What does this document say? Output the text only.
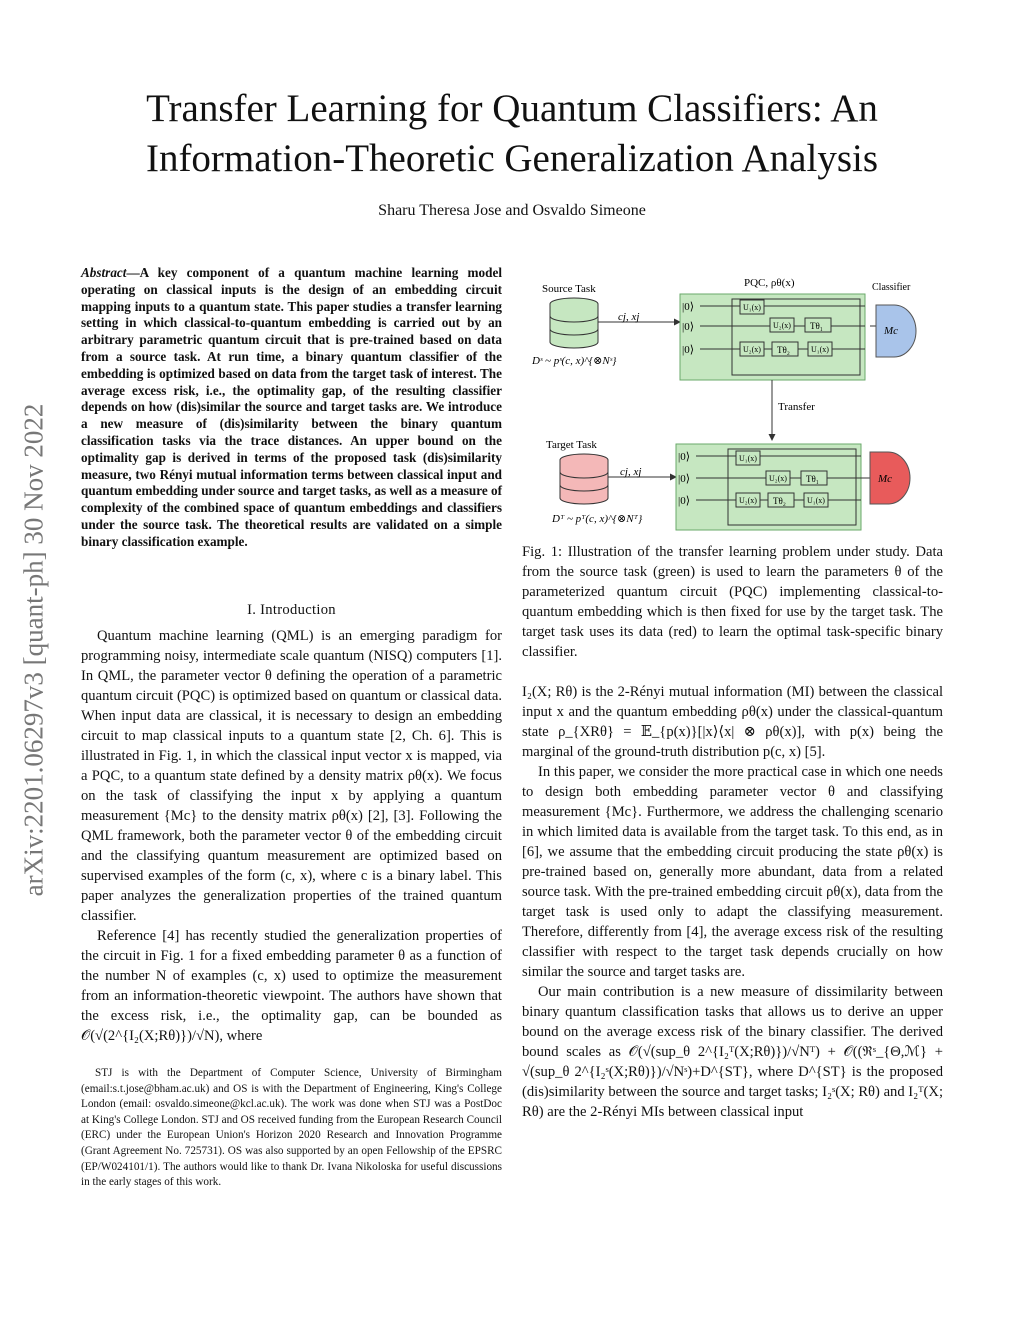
Transfer Learning for Quantum Classifiers: An
Information-Theoretic Generalization Analysis
Sharu Theresa Jose and Osvaldo Simeone
arXiv:2201.06297v3 [quant-ph] 30 Nov 2022
Abstract—A key component of a quantum machine learning model operating on classical inputs is the design of an embedding circuit mapping inputs to a quantum state. This paper studies a transfer learning setting in which classical-to-quantum embedding is carried out by an arbitrary parametric quantum circuit that is pre-trained based on data from a source task. At run time, a binary quantum classifier of the embedding is optimized based on data from the target task of interest. The average excess risk, i.e., the optimality gap, of the resulting classifier depends on how (dis)similar the source and target tasks are. We introduce a new measure of (dis)similarity between the binary quantum classification tasks via the trace distances. An upper bound on the optimality gap is derived in terms of the proposed task (dis)similarity measure, two Rényi mutual information terms between classical input and quantum embedding under source and target tasks, as well as a measure of complexity of the combined space of quantum embeddings and classifiers under the source task. The theoretical results are validated on a simple binary classification example.
I. Introduction

Quantum machine learning (QML) is an emerging paradigm for programming noisy, intermediate scale quantum (NISQ) computers [1]. In QML, the parameter vector θ defining the operation of a parametric quantum circuit (PQC) is optimized based on quantum or classical data. When input data are classical, it is necessary to design an embedding circuit to map classical inputs to a quantum state [2, Ch. 6]. This is illustrated in Fig. 1, in which the classical input vector x is mapped, via a PQC, to a quantum state defined by a density matrix ρθ(x). We focus on the task of classifying the input x by applying a quantum measurement {Mc} to the density matrix ρθ(x) [2], [3]. Following the QML framework, both the parameter vector θ of the embedding circuit and the classifying quantum measurement are optimized based on supervised examples of the form (c, x), where c is a binary label. This paper analyzes the generalization properties of the trained quantum classifier.

Reference [4] has recently studied the generalization properties of the circuit in Fig. 1 for a fixed embedding parameter θ as a function of the number N of examples (c, x) used to optimize the measurement from an information-theoretic viewpoint. The authors have shown that the excess risk, i.e., the optimality gap, can be bounded as 𝒪(√(2^{I₂(X;Rθ)})/√N), where

STJ is with the Department of Computer Science, University of Birmingham (email:s.t.jose@bham.ac.uk) and OS is with the Department of Engineering, King's College London (email: osvaldo.simeone@kcl.ac.uk). The work was done when STJ was a PostDoc at King's College London. STJ and OS received funding from the European Research Council (ERC) under the European Union's Horizon 2020 Research and Innovation Programme (Grant Agreement No. 725731). OS was also supported by an open Fellowship of the EPSRC (EP/W024101/1). The authors would like to thank Dr. Ivana Nikoloska for useful discussions in the early stages of this work.

Source Task
cj, xj
Dˢ ~ pˢ(c, x)^{⊗Nˢ}
PQC, ρθ(x)	Classifier
|0⟩
|0⟩
|0⟩
U₁(x)
U₂(x) Tθ₁
U₂(x) Tθ₂	U₁(x)
Mc
Transfer
Target Task
cj, xj
Dᵀ ~ pᵀ(c, x)^{⊗Nᵀ}
|0⟩
|0⟩
|0⟩
U₁(x)
U₂(x) Tθ₁
U₂(x) Tθ₂	U₁(x)
Mc
Fig. 1: Illustration of the transfer learning problem under study. Data from the source task (green) is used to learn the parameters θ of the parameterized quantum circuit (PQC) implementing classical-to-quantum embedding which is then fixed for use by the target task. The target task uses its data (red) to learn the optimal task-specific binary classifier.

I₂(X; Rθ) is the 2-Rényi mutual information (MI) between the classical input x and the quantum embedding ρθ(x) under the classical-quantum state ρ_{XRθ} = 𝔼_{p(x)}[|x⟩⟨x| ⊗ ρθ(x)], with p(x) being the marginal of the ground-truth distribution p(c, x) [5].

In this paper, we consider the more practical case in which one needs to design both embedding parameter vector θ and classifying measurement {Mc}. Furthermore, we address the challenging scenario in which limited data is available from the target task. To this end, as in [6], we assume that the embedding circuit producing the state ρθ(x) is pre-trained based on, generally more abundant, data from a related source task. With the pre-trained embedding circuit ρθ(x), data from the target task is used only to adapt the classifying measurement. Therefore, differently from [4], the average excess risk of the resulting classifier with respect to the target task depends crucially on how similar the source and target tasks are.

Our main contribution is a new measure of dissimilarity between binary quantum classification tasks that allows us to derive an upper bound on the average excess risk of the binary classifier. The derived bound scales as 𝒪(√(sup_θ 2^{I₂ᵀ(X;Rθ)})/√Nᵀ) + 𝒪((ℜˢ_{Θ,ℳ} + √(sup_θ 2^{I₂ˢ(X;Rθ)})/√Nˢ)+D^{ST}, where D^{ST} is the proposed (dis)similarity between the source and target tasks; I₂ˢ(X; Rθ) and I₂ᵀ(X; Rθ) are the 2-Rényi MIs between classical input
